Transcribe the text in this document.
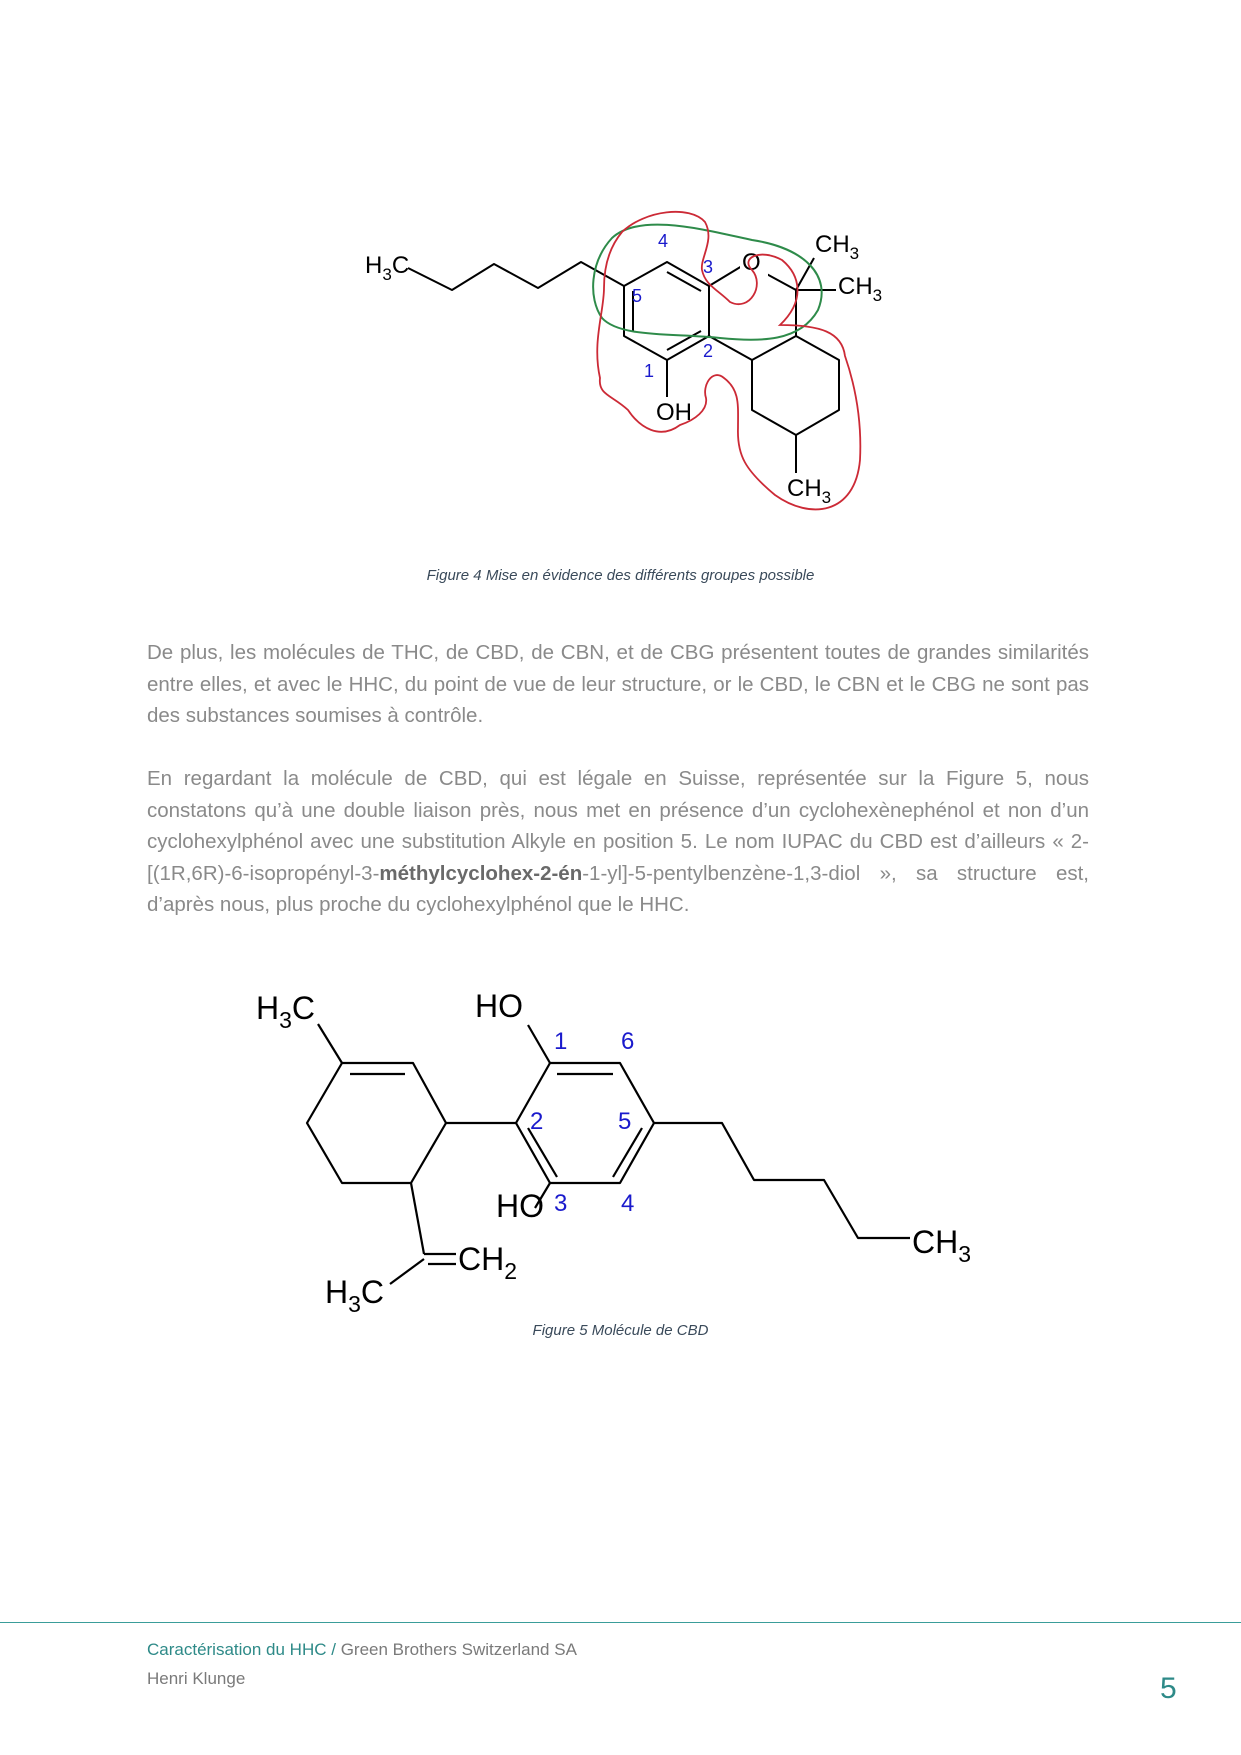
$H_3C$	O
$CH_3$
$CH_3$
OH
$CH_3$
1
2
3
4
5
Figure 4 Mise en évidence des différents groupes possible

De plus, les molécules de THC, de CBD, de CBN, et de CBG présentent toutes de grandes similarités entre elles, et avec le HHC, du point de vue de leur structure, or le CBD, le CBN et le CBG ne sont pas des substances soumises à contrôle.

En regardant la molécule de CBD, qui est légale en Suisse, représentée sur la Figure 5, nous constatons qu’à une double liaison près, nous met en présence d’un cyclohexènephénol et non d’un cyclohexylphénol avec une substitution Alkyle en position 5. Le nom IUPAC du CBD est d’ailleurs « 2-[(1R,6R)-6-isopropényl-3-méthylcyclohex-2-én-1-yl]-5-pentylbenzène-1,3-diol », sa structure est, d’après nous, plus proche du cyclohexylphénol que le HHC.

$H_3C$	HO
HO
$CH_2$
$H_3C$
$CH_3$
1 6
2	5
3 4
Figure 5 Molécule de CBD
Caractérisation du HHC / Green Brothers Switzerland SA
Henri Klunge	5
